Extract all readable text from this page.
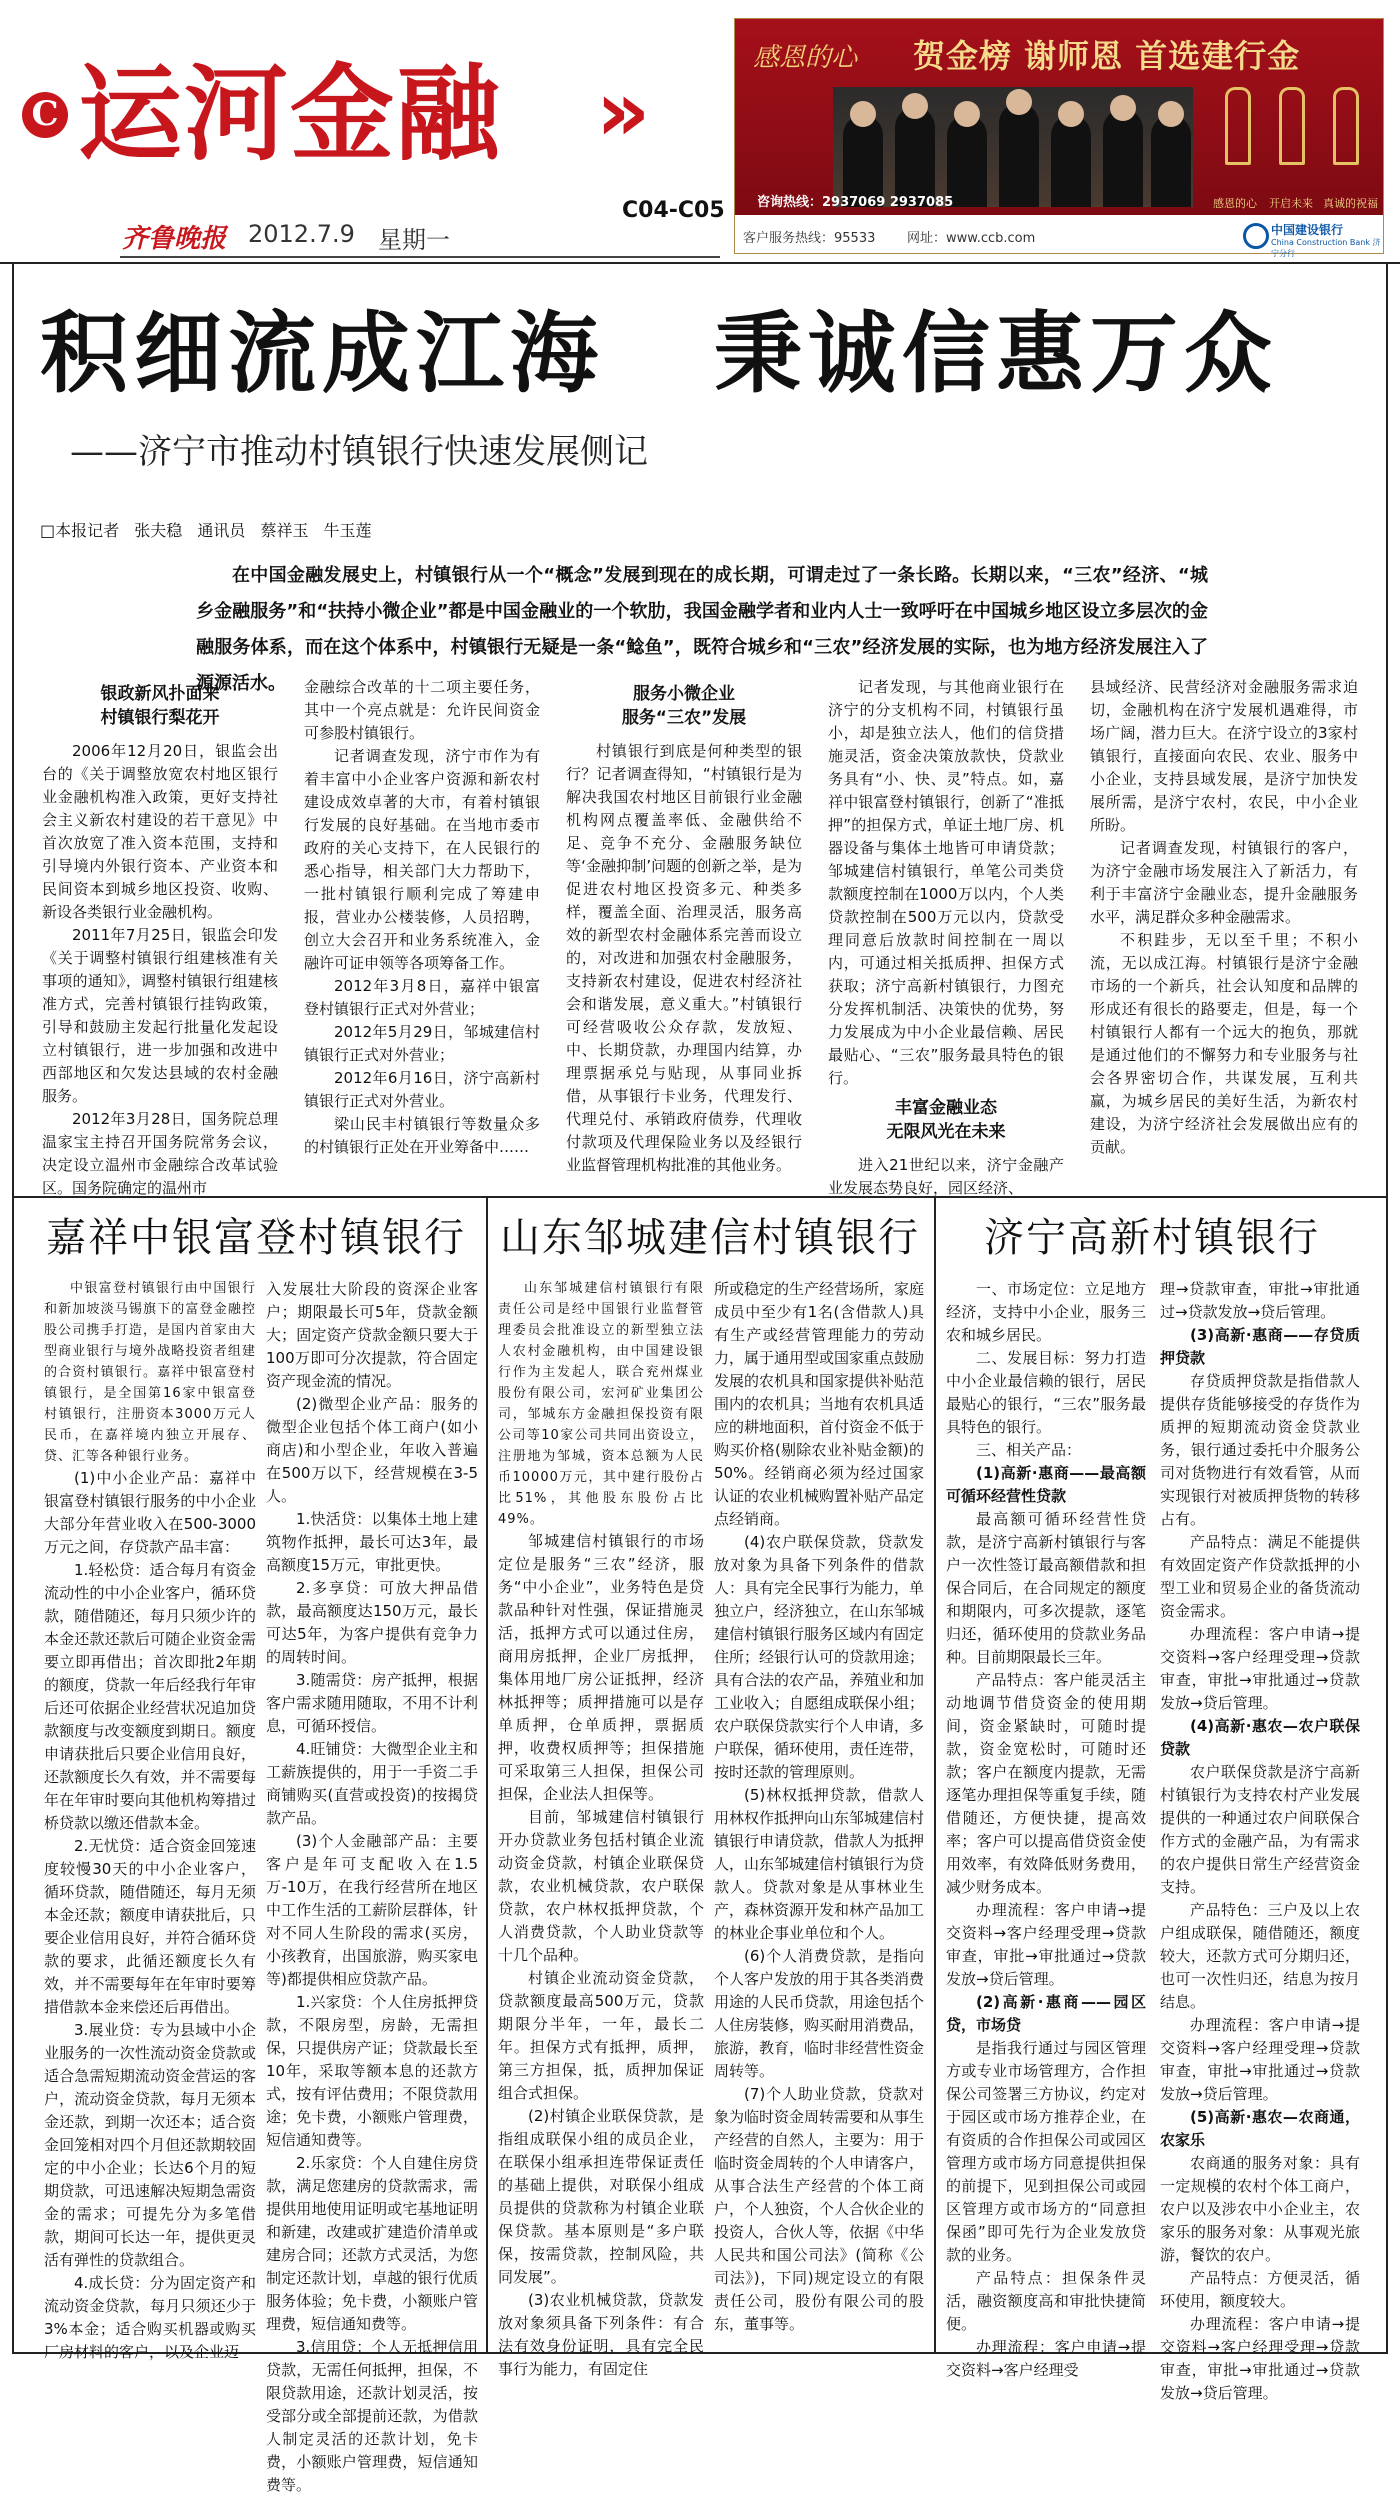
C 运河金融 »
C04-C05
齐鲁晚报 2012.7.9 星期一
感恩的心 贺金榜 谢师恩 首选建行金
感恩的心 开启未来 真诚的祝福
咨询热线：2937069 2937085
客户服务热线：95533 网址：www.ccb.com
中国建设银行
China Construction Bank 济宁分行
积细流成江海   秉诚信惠万众
——济宁市推动村镇银行快速发展侧记
□本报记者 张夫稳 通讯员 蔡祥玉 牛玉莲

在中国金融发展史上，村镇银行从一个“概念”发展到现在的成长期，可谓走过了一条长路。长期以来，“三农”经济、“城乡金融服务”和“扶持小微企业”都是中国金融业的一个软肋，我国金融学者和业内人士一致呼吁在中国城乡地区设立多层次的金融服务体系，而在这个体系中，村镇银行无疑是一条“鲶鱼”，既符合城乡和“三农”经济发展的实际，也为地方经济发展注入了源源活水。

银政新风扑面来
村镇银行梨花开

2006年12月20日，银监会出台的《关于调整放宽农村地区银行业金融机构准入政策，更好支持社会主义新农村建设的若干意见》中首次放宽了准入资本范围，支持和引导境内外银行资本、产业资本和民间资本到城乡地区投资、收购、新设各类银行业金融机构。

2011年7月25日，银监会印发《关于调整村镇银行组建核准有关事项的通知》，调整村镇银行组建核准方式，完善村镇银行挂钩政策，引导和鼓励主发起行批量化发起设立村镇银行，进一步加强和改进中西部地区和欠发达县域的农村金融服务。

2012年3月28日，国务院总理温家宝主持召开国务院常务会议，决定设立温州市金融综合改革试验区。国务院确定的温州市

金融综合改革的十二项主要任务，其中一个亮点就是：允许民间资金可参股村镇银行。

记者调查发现，济宁市作为有着丰富中小企业客户资源和新农村建设成效卓著的大市，有着村镇银行发展的良好基础。在当地市委市政府的关心支持下，在人民银行的悉心指导，相关部门大力帮助下，一批村镇银行顺利完成了筹建申报，营业办公楼装修，人员招聘，创立大会召开和业务系统准入，金融许可证申领等各项筹备工作。

2012年3月8日，嘉祥中银富登村镇银行正式对外营业；

2012年5月29日，邹城建信村镇银行正式对外营业；

2012年6月16日，济宁高新村镇银行正式对外营业。

梁山民丰村镇银行等数量众多的村镇银行正处在开业筹备中……

服务小微企业
服务“三农”发展

村镇银行到底是何种类型的银行？记者调查得知，“村镇银行是为解决我国农村地区目前银行业金融机构网点覆盖率低、金融供给不足、竞争不充分、金融服务缺位等‘金融抑制’问题的创新之举，是为促进农村地区投资多元、种类多样，覆盖全面、治理灵活，服务高效的新型农村金融体系完善而设立的，对改进和加强农村金融服务，支持新农村建设，促进农村经济社会和谐发展，意义重大。”村镇银行可经营吸收公众存款，发放短、中、长期贷款，办理国内结算，办理票据承兑与贴现，从事同业拆借，从事银行卡业务，代理发行、代理兑付、承销政府债券，代理收付款项及代理保险业务以及经银行业监督管理机构批准的其他业务。

记者发现，与其他商业银行在济宁的分支机构不同，村镇银行虽小，却是独立法人，他们的信贷措施灵活，资金决策放款快，贷款业务具有“小、快、灵”特点。如，嘉祥中银富登村镇银行，创新了“准抵押”的担保方式，单证土地厂房、机器设备与集体土地皆可申请贷款；邹城建信村镇银行，单笔公司类贷款额度控制在1000万以内，个人类贷款控制在500万元以内，贷款受理同意后放款时间控制在一周以内，可通过相关抵质押、担保方式获取；济宁高新村镇银行，力图充分发挥机制活、决策快的优势，努力发展成为中小企业最信赖、居民最贴心、“三农”服务最具特色的银行。

丰富金融业态
无限风光在未来

进入21世纪以来，济宁金融产业发展态势良好，园区经济、

县域经济、民营经济对金融服务需求迫切，金融机构在济宁发展机遇难得，市场广阔，潜力巨大。在济宁设立的3家村镇银行，直接面向农民、农业、服务中小企业，支持县域发展，是济宁加快发展所需，是济宁农村，农民，中小企业所盼。

记者调查发现，村镇银行的客户，为济宁金融市场发展注入了新活力，有利于丰富济宁金融业态，提升金融服务水平，满足群众多种金融需求。

不积跬步，无以至千里；不积小流，无以成江海。村镇银行是济宁金融市场的一个新兵，社会认知度和品牌的形成还有很长的路要走，但是，每一个村镇银行人都有一个远大的抱负，那就是通过他们的不懈努力和专业服务与社会各界密切合作，共谋发展，互利共赢，为城乡居民的美好生活，为新农村建设，为济宁经济社会发展做出应有的贡献。

嘉祥中银富登村镇银行

中银富登村镇银行由中国银行和新加坡淡马锡旗下的富登金融控股公司携手打造，是国内首家由大型商业银行与境外战略投资者组建的合资村镇银行。嘉祥中银富登村镇银行，是全国第16家中银富登村镇银行，注册资本3000万元人民币，在嘉祥境内独立开展存、贷、汇等各种银行业务。

(1)中小企业产品：嘉祥中银富登村镇银行服务的中小企业大部分年营业收入在500-3000万元之间，存贷款产品丰富：

1.轻松贷：适合每月有资金流动性的中小企业客户，循环贷款，随借随还，每月只须少许的本金还款还款后可随企业资金需要立即再借出；首次即批2年期的额度，贷款一年后经我行年审后还可依据企业经营状况追加贷款额度与改变额度到期日。额度申请获批后只要企业信用良好，还款额度长久有效，并不需要每年在年审时要向其他机构筹措过桥贷款以缴还借款本金。

2.无忧贷：适合资金回笼速度较慢30天的中小企业客户，循环贷款，随借随还，每月无须本金还款；额度申请获批后，只要企业信用良好，并符合循环贷款的要求，此循还额度长久有效，并不需要每年在年审时要筹措借款本金来偿还后再借出。

3.展业贷：专为县域中小企业服务的一次性流动资金贷款或适合急需短期流动资金营运的客户，流动资金贷款，每月无须本金还款，到期一次还本；适合资金回笼相对四个月但还款期较固定的中小企业；长达6个月的短期贷款，可迅速解决短期急需资金的需求；可提先分为多笔借款，期间可长达一年，提供更灵活有弹性的贷款组合。

4.成长贷：分为固定资产和流动资金贷款，每月只须还少于3%本金；适合购买机器或购买厂房材料的客户，以及企业迈

入发展壮大阶段的资深企业客户；期限最长可5年，贷款金额大；固定资产贷款金额只要大于100万即可分次提款，符合固定资产现金流的情况。

(2)微型企业产品：服务的微型企业包括个体工商户(如小商店)和小型企业，年收入普遍在500万以下，经营规模在3-5人。

1.快活贷：以集体土地上建筑物作抵押，最长可达3年，最高额度15万元，审批更快。

2.多享贷：可放大押品借款，最高额度达150万元，最长可达5年，为客户提供有竞争力的周转时间。

3.随需贷：房产抵押，根据客户需求随用随取，不用不计利息，可循环授信。

4.旺铺贷：大微型企业主和工薪族提供的，用于一手资二手商铺购买(直营或投资)的按揭贷款产品。

(3)个人金融部产品：主要客户是年可支配收入在1.5万-10万，在我行经营所在地区中工作生活的工薪阶层群体，针对不同人生阶段的需求(买房，小孩教育，出国旅游，购买家电等)都提供相应贷款产品。

1.兴家贷：个人住房抵押贷款，不限房型，房龄，无需担保，只提供房产证；贷款最长至10年，采取等额本息的还款方式，按有评估费用；不限贷款用途；免卡费，小额账户管理费，短信通知费等。

2.乐家贷：个人自建住房贷款，满足您建房的贷款需求，需提供用地使用证明或宅基地证明和新建，改建或扩建造价清单或建房合同；还款方式灵活，为您制定还款计划，卓越的银行优质服务体验；免卡费，小额账户管理费，短信通知费等。

3.信用贷：个人无抵押信用贷款，无需任何抵押，担保，不限贷款用途，还款计划灵活，按受部分或全部提前还款，为借款人制定灵活的还款计划，免卡费，小额账户管理费，短信通知费等。

山东邹城建信村镇银行

山东邹城建信村镇银行有限责任公司是经中国银行业监督管理委员会批准设立的新型独立法人农村金融机构，由中国建设银行作为主发起人，联合兖州煤业股份有限公司，宏河矿业集团公司，邹城东方金融担保投资有限公司等10家公司共同出资设立，注册地为邹城，资本总额为人民币10000万元，其中建行股份占比51%，其他股东股份占比49%。

邹城建信村镇银行的市场定位是服务“三农”经济，服务“中小企业”，业务特色是贷款品种针对性强，保证措施灵活，抵押方式可以通过住房，商用房抵押，企业厂房抵押，集体用地厂房公证抵押，经济林抵押等；质押措施可以是存单质押，仓单质押，票据质押，收费权质押等；担保措施可采取第三人担保，担保公司担保，企业法人担保等。

目前，邹城建信村镇银行开办贷款业务包括村镇企业流动资金贷款，村镇企业联保贷款，农业机械贷款，农户联保贷款，农户林权抵押贷款，个人消费贷款，个人助业贷款等十几个品种。

村镇企业流动资金贷款，贷款额度最高500万元，贷款期限分半年，一年，最长二年。担保方式有抵押，质押，第三方担保，抵，质押加保证组合式担保。

(2)村镇企业联保贷款，是指组成联保小组的成员企业，在联保小组承担连带保证责任的基础上提供，对联保小组成员提供的贷款称为村镇企业联保贷款。基本原则是“多户联保，按需贷款，控制风险，共同发展”。

(3)农业机械贷款，贷款发放对象须具备下列条件：有合法有效身份证明，具有完全民事行为能力，有固定住

所或稳定的生产经营场所，家庭成员中至少有1名(含借款人)具有生产或经营管理能力的劳动力，属于通用型或国家重点鼓励发展的农机具和国家提供补贴范围内的农机具；当地有农机具适应的耕地面积，首付资金不低于购买价格(剔除农业补贴金额)的50%。经销商必须为经过国家认证的农业机械购置补贴产品定点经销商。

(4)农户联保贷款，贷款发放对象为具备下列条件的借款人：具有完全民事行为能力，单独立户，经济独立，在山东邹城建信村镇银行服务区域内有固定住所；经银行认可的贷款用途；具有合法的农产品，养殖业和加工业收入；自愿组成联保小组；农户联保贷款实行个人申请，多户联保，循环使用，责任连带，按时还款的管理原则。

(5)林权抵押贷款，借款人用林权作抵押向山东邹城建信村镇银行申请贷款，借款人为抵押人，山东邹城建信村镇银行为贷款人。贷款对象是从事林业生产，森林资源开发和林产品加工的林业企事业单位和个人。

(6)个人消费贷款，是指向个人客户发放的用于其各类消费用途的人民币贷款，用途包括个人住房装修，购买耐用消费品，旅游，教育，临时非经营性资金周转等。

(7)个人助业贷款，贷款对象为临时资金周转需要和从事生产经营的自然人，主要为：用于临时资金周转的个人申请客户，从事合法生产经营的个体工商户，个人独资，个人合伙企业的投资人，合伙人等，依据《中华人民共和国公司法》(简称《公司法》)，下同)规定设立的有限责任公司，股份有限公司的股东，董事等。

济宁高新村镇银行

一、市场定位：立足地方经济，支持中小企业，服务三农和城乡居民。

二、发展目标：努力打造中小企业最信赖的银行，居民最贴心的银行，“三农”服务最具特色的银行。

三、相关产品：

(1)高新·惠商——最高额可循环经营性贷款

最高额可循环经营性贷款，是济宁高新村镇银行与客户一次性签订最高额借款和担保合同后，在合同规定的额度和期限内，可多次提款，逐笔归还，循环使用的贷款业务品种。目前期限最长三年。

产品特点：客户能灵活主动地调节借贷资金的使用期间，资金紧缺时，可随时提款，资金宽松时，可随时还款；客户在额度内提款，无需逐笔办理担保等重复手续，随借随还，方便快捷，提高效率；客户可以提高借贷资金使用效率，有效降低财务费用，减少财务成本。

办理流程：客户申请→提交资料→客户经理受理→贷款审查，审批→审批通过→贷款发放→贷后管理。

(2)高新·惠商——园区贷，市场贷

是指我行通过与园区管理方或专业市场管理方，合作担保公司签署三方协议，约定对于园区或市场方推荐企业，在有资质的合作担保公司或园区管理方或市场方同意提供担保的前提下，见到担保公司或园区管理方或市场方的“同意担保函”即可先行为企业发放贷款的业务。

产品特点：担保条件灵活，融资额度高和审批快捷简便。

办理流程：客户申请→提交资料→客户经理受

理→贷款审查，审批→审批通过→贷款发放→贷后管理。

(3)高新·惠商——存贷质押贷款

存贷质押贷款是指借款人提供存货能够接受的存货作为质押的短期流动资金贷款业务，银行通过委托中介服务公司对货物进行有效看管，从而实现银行对被质押货物的转移占有。

产品特点：满足不能提供有效固定资产作贷款抵押的小型工业和贸易企业的备货流动资金需求。

办理流程：客户申请→提交资料→客户经理受理→贷款审查，审批→审批通过→贷款发放→贷后管理。

(4)高新·惠农—农户联保贷款

农户联保贷款是济宁高新村镇银行为支持农村产业发展提供的一种通过农户间联保合作方式的金融产品，为有需求的农户提供日常生产经营资金支持。

产品特色：三户及以上农户组成联保，随借随还，额度较大，还款方式可分期归还，也可一次性归还，结息为按月结息。

办理流程：客户申请→提交资料→客户经理受理→贷款审查，审批→审批通过→贷款发放→贷后管理。

(5)高新·惠农—农商通，农家乐

农商通的服务对象：具有一定规模的农村个体工商户，农户以及涉农中小企业主，农家乐的服务对象：从事观光旅游，餐饮的农户。

产品特点：方便灵活，循环使用，额度较大。

办理流程：客户申请→提交资料→客户经理受理→贷款审查，审批→审批通过→贷款发放→贷后管理。
